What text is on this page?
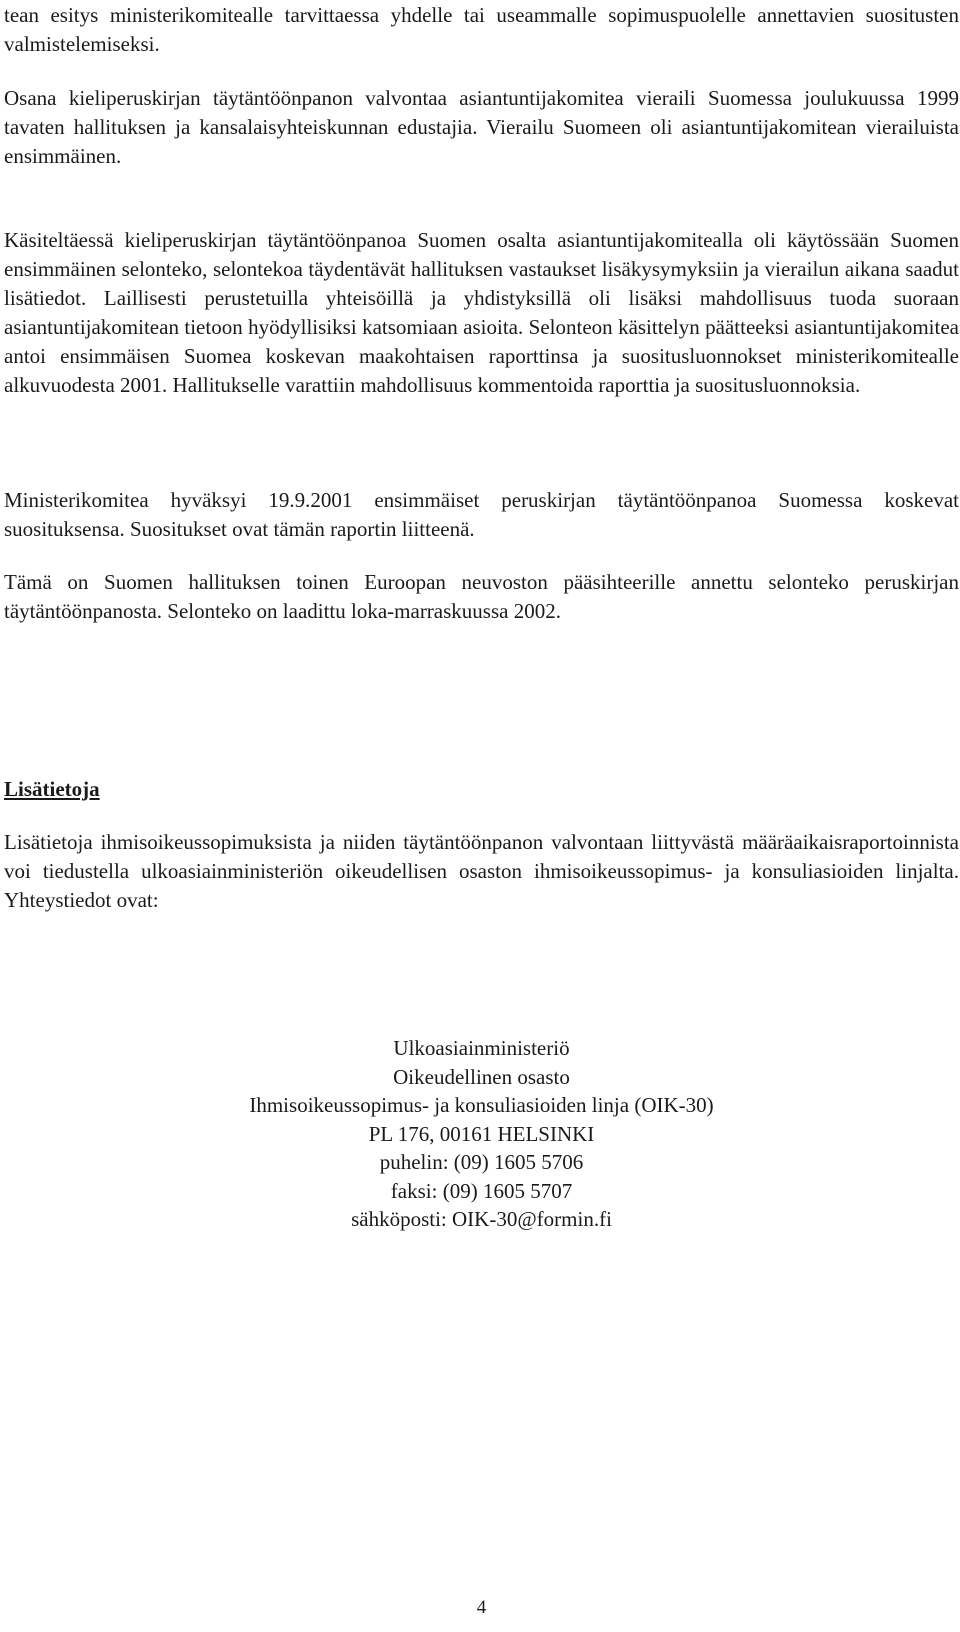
tean esitys ministerikomitealle tarvittaessa yhdelle tai useammalle sopimuspuolelle annettavien suositusten valmistelemiseksi.

Osana kieliperuskirjan täytäntöönpanon valvontaa asiantuntijakomitea vieraili Suomessa joulukuussa 1999 tavaten hallituksen ja kansalaisyhteiskunnan edustajia. Vierailu Suomeen oli asiantuntijakomitean vierailuista ensimmäinen.

Käsiteltäessä kieliperuskirjan täytäntöönpanoa Suomen osalta asiantuntijakomitealla oli käytössään Suomen ensimmäinen selonteko, selontekoa täydentävät hallituksen vastaukset lisäkysymyksiin ja vierailun aikana saadut lisätiedot. Laillisesti perustetuilla yhteisöillä ja yhdistyksillä oli lisäksi mahdollisuus tuoda suoraan asiantuntijakomitean tietoon hyödyllisiksi katsomiaan asioita. Selonteon käsittelyn päätteeksi asiantuntijakomitea antoi ensimmäisen Suomea koskevan maakohtaisen raporttinsa ja suositusluonnokset ministerikomitealle alkuvuodesta 2001. Hallitukselle varattiin mahdollisuus kommentoida raporttia ja suositusluonnoksia.

Ministerikomitea hyväksyi 19.9.2001 ensimmäiset peruskirjan täytäntöönpanoa Suomessa koskevat suosituksensa. Suositukset ovat tämän raportin liitteenä.

Tämä on Suomen hallituksen toinen Euroopan neuvoston pääsihteerille annettu selonteko peruskirjan täytäntöönpanosta. Selonteko on laadittu loka-marraskuussa 2002.

Lisätietoja

Lisätietoja ihmisoikeussopimuksista ja niiden täytäntöönpanon valvontaan liittyvästä määräaikaisraportoinnista voi tiedustella ulkoasiainministeriön oikeudellisen osaston ihmisoikeussopimus- ja konsuliasioiden linjalta. Yhteystiedot ovat:

Ulkoasiainministeriö
Oikeudellinen osasto
Ihmisoikeussopimus- ja konsuliasioiden linja (OIK-30)
PL 176, 00161 HELSINKI
puhelin: (09) 1605 5706
faksi: (09) 1605 5707
sähköposti: OIK-30@formin.fi
4
